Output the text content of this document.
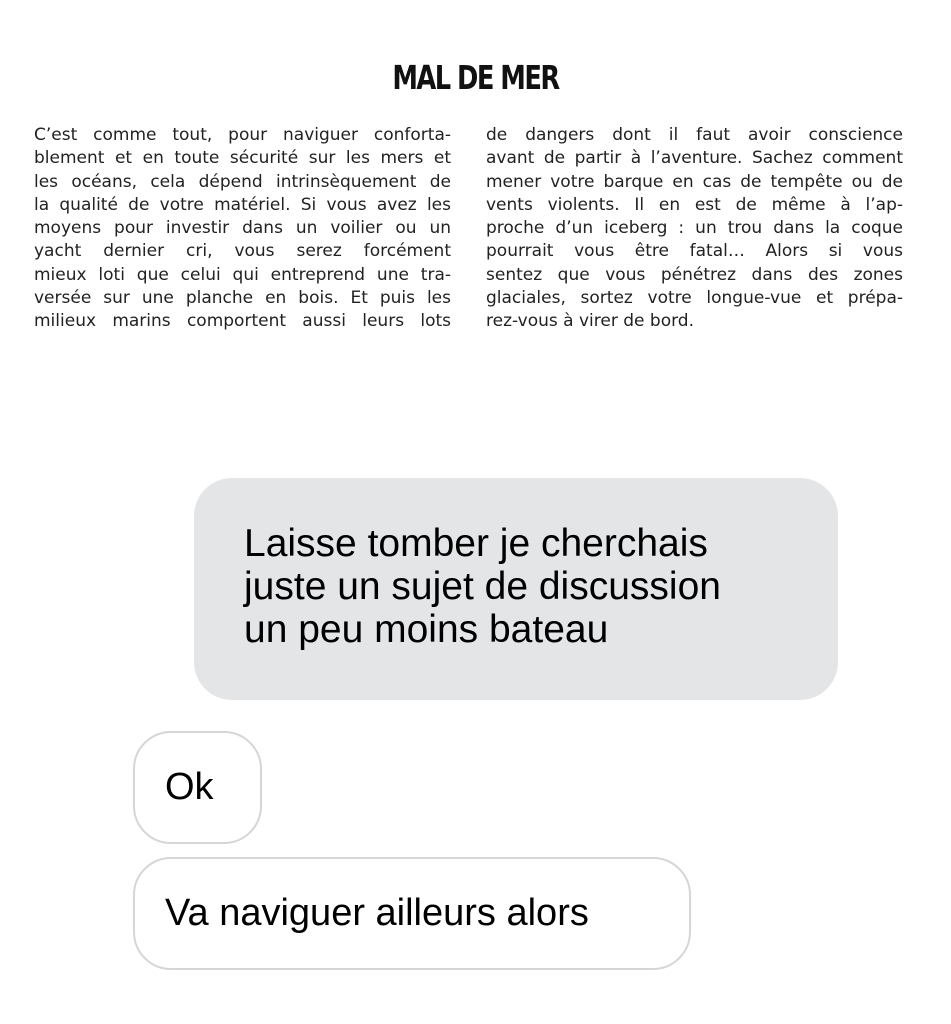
MAL DE MER
C’est comme tout, pour naviguer conforta-
blement et en toute sécurité sur les mers et
les océans, cela dépend intrinsèquement de
la qualité de votre matériel. Si vous avez les
moyens pour investir dans un voilier ou un
yacht dernier cri, vous serez forcément
mieux loti que celui qui entreprend une tra-
versée sur une planche en bois. Et puis les
milieux marins comportent aussi leurs lots
de dangers dont il faut avoir conscience
avant de partir à l’aventure. Sachez comment
mener votre barque en cas de tempête ou de
vents violents. Il en est de même à l’ap-
proche d’un iceberg : un trou dans la coque
pourrait vous être fatal… Alors si vous
sentez que vous pénétrez dans des zones
glaciales, sortez votre longue-vue et prépa-
rez-vous à virer de bord.
Laisse tomber je cherchais
juste un sujet de discussion
un peu moins bateau
Ok
Va naviguer ailleurs alors
